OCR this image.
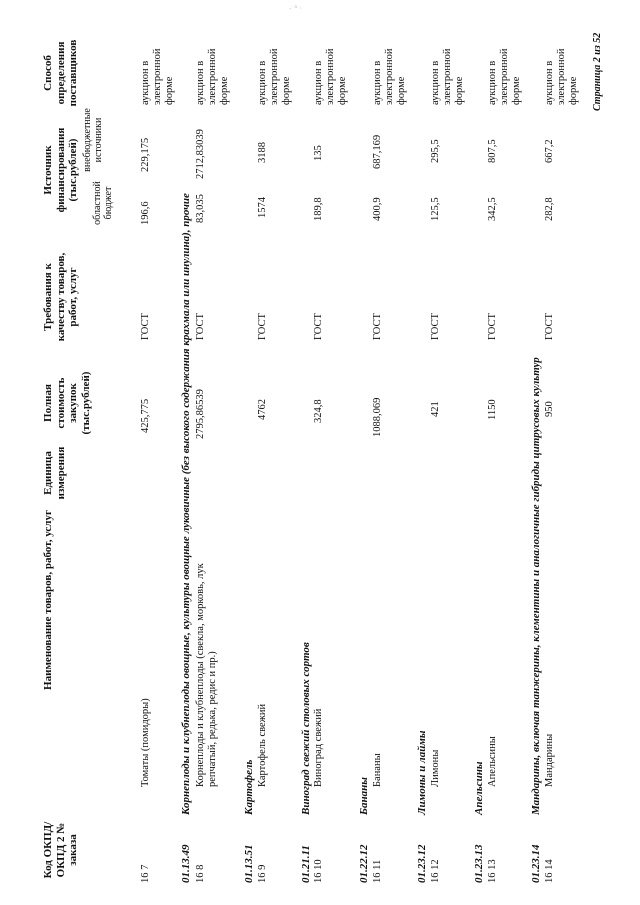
۰ ° ·
Код ОКПД/ ОКПД 2 № заказа
Наименование товаров, работ, услуг
Единица измерения
Полная стоимость закупок (тыс.рублей)
Требования к качеству товаров, работ, услуг
Источник финансирования (тыс.рублей)
областной бюджет
внебюджетные источники
Способ определения поставщиков
16 7
Томаты (помидоры)
425,775
ГОСТ
196,6
229,175
аукцион в электронной форме
01.13.49Корнеплоды и клубнеплоды овощные, культуры овощные луковичные (без высокого содержания крахмала или инулина), прочие
16 8
Корнеплоды и клубнеплоды (свекла, морковь, лук репчатый, редька, редис и пр.)
2795,86539
ГОСТ
83,035
2712,83039
аукцион в электронной форме
01.13.51Картофель
16 9
Картофель свежий
4762
ГОСТ
1574
3188
аукцион в электронной форме
01.21.11Виноград свежий столовых сортов
16 10
Виноград свежий
324,8
ГОСТ
189,8
135
аукцион в электронной форме
01.22.12Бананы
16 11
Бананы
1088,069
ГОСТ
400,9
687,169
аукцион в электронной форме
01.23.12Лимоны и лаймы
16 12
Лимоны
421
ГОСТ
125,5
295,5
аукцион в электронной форме
01.23.13Апельсины
16 13
Апельсины
1150
ГОСТ
342,5
807,5
аукцион в электронной форме
01.23.14Мандарины, включая танжерины, клементины и аналогичные гибриды цитрусовых культур
16 14
Мандарины
950
ГОСТ
282,8
667,2
аукцион в электронной форме Страница 2 из 52
